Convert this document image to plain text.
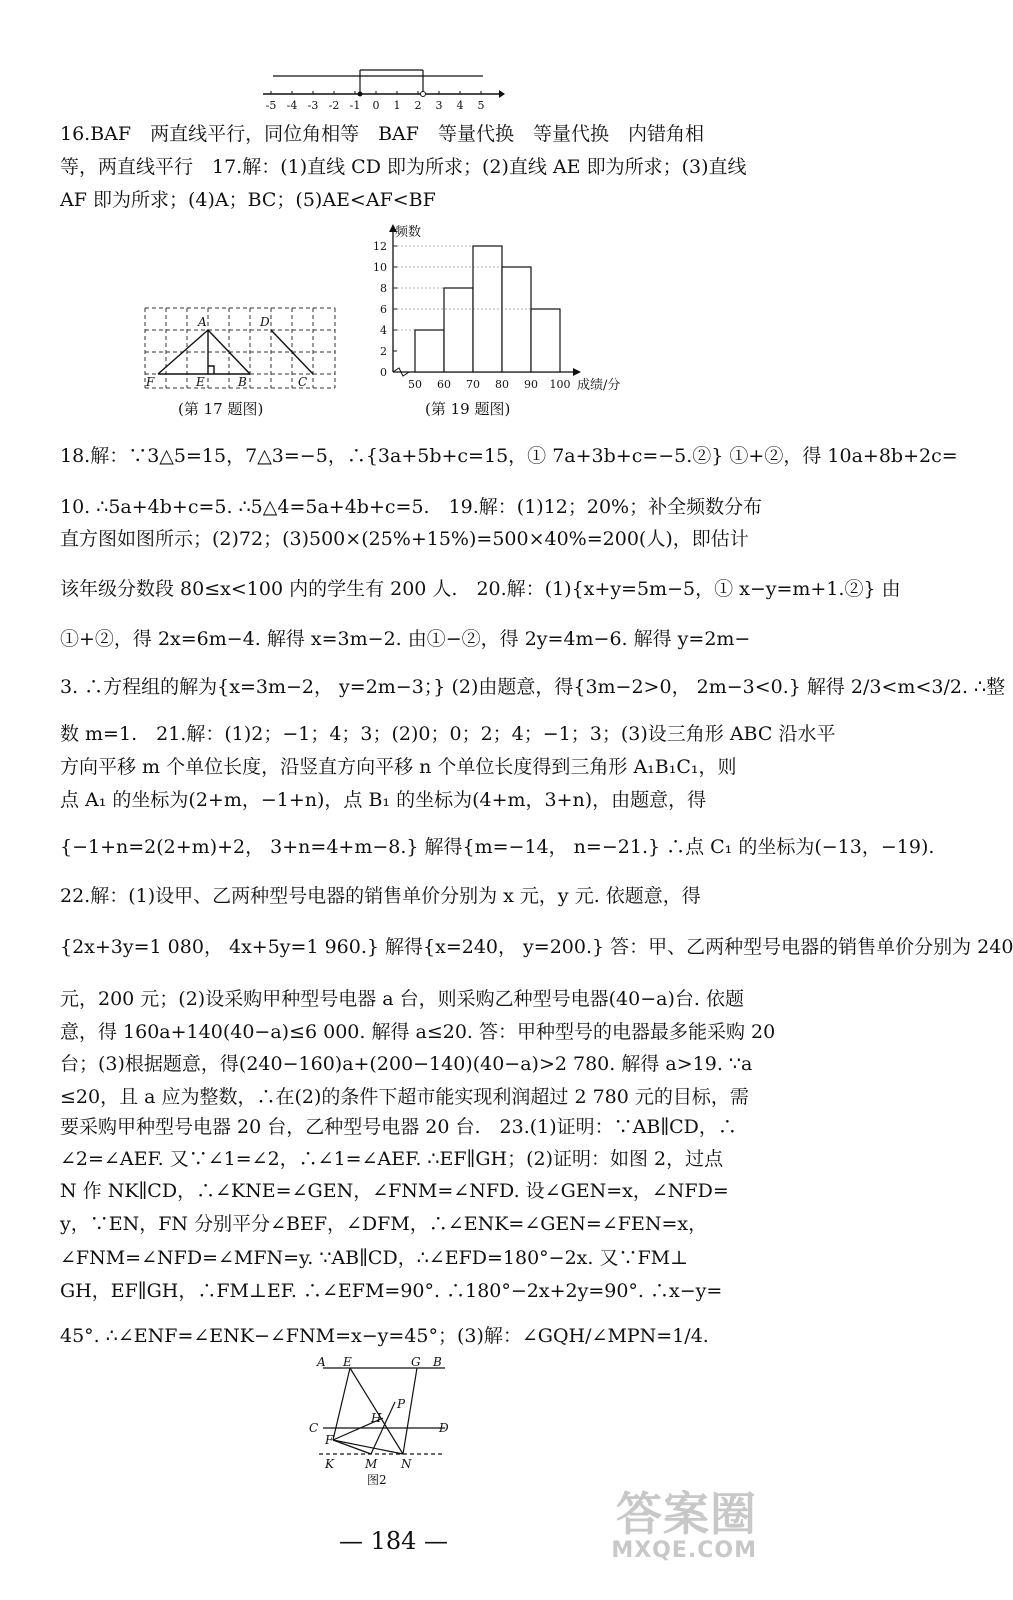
-5 -4 -3 -2 -1 0 1 2 3 4 5
16.BAF　两直线平行，同位角相等　BAF　等量代换　等量代换　内错角相
等，两直线平行　17.解：(1)直线 CD 即为所求；(2)直线 AE 即为所求；(3)直线
AF 即为所求；(4)A；BC；(5)AE<AF<BF
A	D
F	E	B	C
(第 17 题图)
频数
成绩/分
0
2
4
6
8
10
12
50 60 70 80 90 100
(第 19 题图)
18.解：∵3△5=15，7△3=−5，∴{3a+5b+c=15，① 7a+3b+c=−5.②} ①+②，得 10a+8b+2c=
10. ∴5a+4b+c=5. ∴5△4=5a+4b+c=5.　19.解：(1)12；20%；补全频数分布
直方图如图所示；(2)72；(3)500×(25%+15%)=500×40%=200(人)，即估计
该年级分数段 80≤x<100 内的学生有 200 人.　20.解：(1){x+y=5m−5，① x−y=m+1.②} 由
①+②，得 2x=6m−4. 解得 x=3m−2. 由①−②，得 2y=4m−6. 解得 y=2m−
3. ∴方程组的解为{x=3m−2， y=2m−3；} (2)由题意，得{3m−2>0， 2m−3<0.} 解得 2/3<m<3/2. ∴整
数 m=1.　21.解：(1)2；−1；4；3；(2)0；0；2；4；−1；3；(3)设三角形 ABC 沿水平
方向平移 m 个单位长度，沿竖直方向平移 n 个单位长度得到三角形 A₁B₁C₁，则
点 A₁ 的坐标为(2+m，−1+n)，点 B₁ 的坐标为(4+m，3+n)，由题意，得
{−1+n=2(2+m)+2， 3+n=4+m−8.} 解得{m=−14， n=−21.} ∴点 C₁ 的坐标为(−13，−19).
22.解：(1)设甲、乙两种型号电器的销售单价分别为 x 元，y 元. 依题意，得
{2x+3y=1 080， 4x+5y=1 960.} 解得{x=240， y=200.} 答：甲、乙两种型号电器的销售单价分别为 240
元，200 元；(2)设采购甲种型号电器 a 台，则采购乙种型号电器(40−a)台. 依题
意，得 160a+140(40−a)≤6 000. 解得 a≤20. 答：甲种型号的电器最多能采购 20
台；(3)根据题意，得(240−160)a+(200−140)(40−a)>2 780. 解得 a>19. ∵a
≤20，且 a 应为整数，∴在(2)的条件下超市能实现利润超过 2 780 元的目标，需
要采购甲种型号电器 20 台，乙种型号电器 20 台.　23.(1)证明：∵AB∥CD，∴
∠2=∠AEF. 又∵∠1=∠2，∴∠1=∠AEF. ∴EF∥GH；(2)证明：如图 2，过点
N 作 NK∥CD，∴∠KNE=∠GEN，∠FNM=∠NFD. 设∠GEN=x，∠NFD=
y，∵EN，FN 分别平分∠BEF，∠DFM，∴∠ENK=∠GEN=∠FEN=x，
∠FNM=∠NFD=∠MFN=y. ∵AB∥CD，∴∠EFD=180°−2x. 又∵FM⊥
GH，EF∥GH，∴FM⊥EF. ∴∠EFM=90°. ∴180°−2x+2y=90°. ∴x−y=
45°. ∴∠ENF=∠ENK−∠FNM=x−y=45°；(3)解：∠GQH/∠MPN=1/4.
A E	G B
P
H
C	D
F
K	M N
图2
— 184 —	答案圈
MXQE.COM
